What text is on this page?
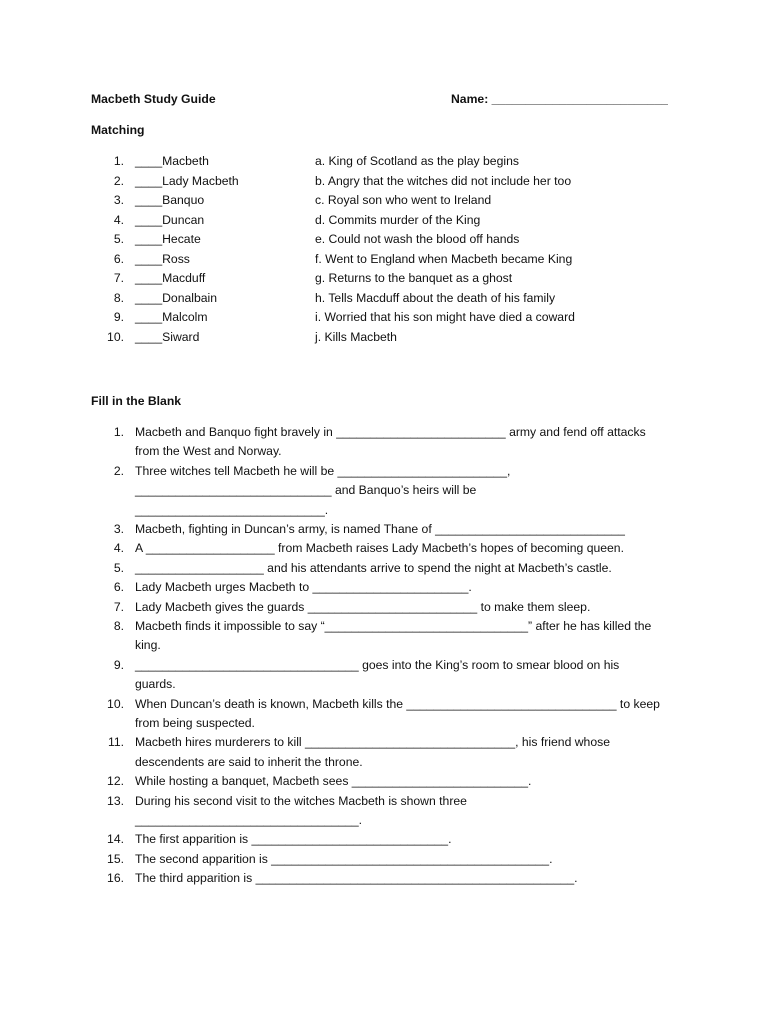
Macbeth Study Guide	Name: __________________________
Matching
1. ____Macbeth	a. King of Scotland as the play begins
2. ____Lady Macbeth	b. Angry that the witches did not include her too
3. ____Banquo	c. Royal son who went to Ireland
4. ____Duncan	d. Commits murder of the King
5. ____Hecate	e. Could not wash the blood off hands
6. ____Ross	f. Went to England when Macbeth became King
7. ____Macduff	g. Returns to the banquet as a ghost
8. ____Donalbain	h. Tells Macduff about the death of his family
9. ____Malcolm	i. Worried that his son might have died a coward
10. ____Siward	j. Kills Macbeth
Fill in the Blank
1. Macbeth and Banquo fight bravely in _________________________ army and fend off attacks
from the West and Norway.
2. Three witches tell Macbeth he will be _________________________,
_____________________________ and Banquo’s heirs will be
____________________________.
3. Macbeth, fighting in Duncan’s army, is named Thane of ____________________________
4. A ___________________ from Macbeth raises Lady Macbeth’s hopes of becoming queen.
5. ___________________ and his attendants arrive to spend the night at Macbeth’s castle.
6. Lady Macbeth urges Macbeth to _______________________.
7. Lady Macbeth gives the guards _________________________ to make them sleep.
8. Macbeth finds it impossible to say “______________________________” after he has killed the
king.
9. _________________________________ goes into the King’s room to smear blood on his
guards.
10. When Duncan’s death is known, Macbeth kills the _______________________________ to keep
from being suspected.
11. Macbeth hires murderers to kill _______________________________, his friend whose
descendents are said to inherit the throne.
12. While hosting a banquet, Macbeth sees __________________________.
13. During his second visit to the witches Macbeth is shown three
_________________________________.
14. The first apparition is _____________________________.
15. The second apparition is _________________________________________.
16. The third apparition is _______________________________________________.
